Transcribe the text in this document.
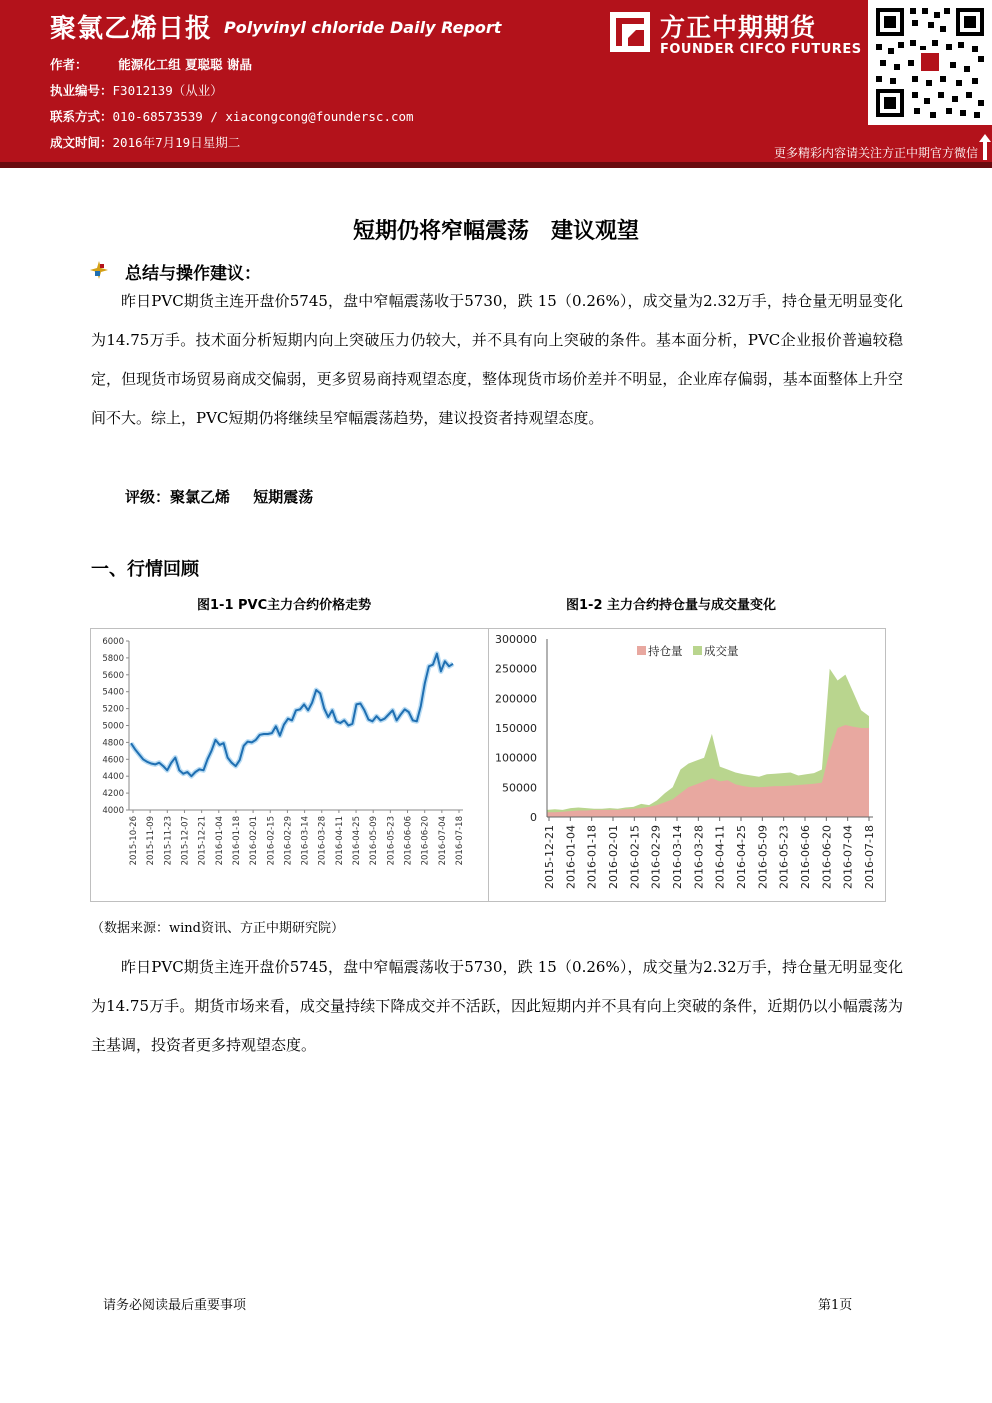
聚氯乙烯日报 Polyvinyl chloride Daily Report
作者： 能源化工组 夏聪聪 谢晶
执业编号：F3012139（从业）
联系方式：010-68573539 / xiacongcong@foundersc.com
成文时间：2016年7月19日星期二
方正中期期货
FOUNDER CIFCO FUTURES
更多精彩内容请关注方正中期官方微信
短期仍将窄幅震荡　建议观望
总结与操作建议：
昨日PVC期货主连开盘价5745，盘中窄幅震荡收于5730，跌 15（0.26%），成交量为2.32万手，持仓量无明显变化为14.75万手。技术面分析短期内向上突破压力仍较大，并不具有向上突破的条件。基本面分析，PVC企业报价普遍较稳定，但现货市场贸易商成交偏弱，更多贸易商持观望态度，整体现货市场价差并不明显，企业库存偏弱，基本面整体上升空间不大。综上，PVC短期仍将继续呈窄幅震荡趋势，建议投资者持观望态度。
评级：聚氯乙烯 短期震荡
一、行情回顾
图1-1 PVC主力合约价格走势	图1-2 主力合约持仓量与成交量变化
4000
4200
4400
4600
4800
5000
5200
5400
5600
5800
6000
2015-10-26 2015-11-09 2015-11-23 2015-12-07 2015-12-21 2016-01-04 2016-01-18 2016-02-01 2016-02-15 2016-02-29 2016-03-14 2016-03-28 2016-04-11 2016-04-25 2016-05-09 2016-05-23 2016-06-06 2016-06-20 2016-07-04 2016-07-18	0
50000
100000
150000
200000
250000
300000
2015-12-21 2016-01-04 2016-01-18 2016-02-01 2016-02-15 2016-02-29 2016-03-14 2016-03-28 2016-04-11 2016-04-25 2016-05-09 2016-05-23 2016-06-06 2016-06-20 2016-07-04 2016-07-18
持仓量 成交量
（数据来源：wind资讯、方正中期研究院）
昨日PVC期货主连开盘价5745，盘中窄幅震荡收于5730，跌 15（0.26%），成交量为2.32万手，持仓量无明显变化为14.75万手。期货市场来看，成交量持续下降成交并不活跃，因此短期内并不具有向上突破的条件，近期仍以小幅震荡为主基调，投资者更多持观望态度。
请务必阅读最后重要事项	第1页
